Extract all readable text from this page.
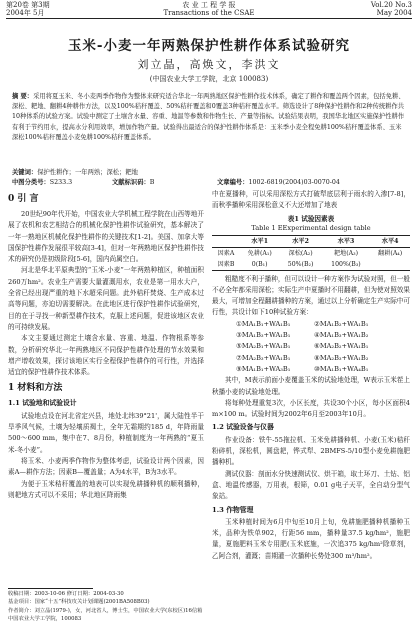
第20卷 第3期
2004年 5月
农 业 工 程 学 报
Transactions of the CSAE
Vol.20 No.3
May 2004
玉米-小麦一年两熟保护性耕作体系试验研究
刘立晶，高焕文，李洪文
(中国农业大学工学院，北京 100083)

摘 要：采用将夏玉米、冬小麦两季作物作为整体来研究适合华北一年两熟地区保护性耕作技术体系，确定了耕作和覆盖两个因素，包括免耕、深松、耙地、翻耕4种耕作方法，以及100%秸秆覆盖、50%秸秆覆盖和0覆盖3种秸秆覆盖水平。筛选设计了8种保护性耕作和2种传统耕作共10种体系的试验方案。试验中测定了土壤含水量、容重、地温等参数和作物生长、产量等指标。试验结果表明，我国华北地区实施保护性耕作有利于节约用水，提高水分利用效率，增加作物产量。试验得出最适合的保护性耕作体系是：玉米季小麦全程免耕100%秸秆覆盖体系、玉米深松100%秸秆覆盖小麦免耕100%秸秆覆盖体系。

关键词：保护性耕作；一年两熟；深松；耙地
中图分类号：S233.3	文献标识码：B	文章编号：1002-6819(2004)03-0070-04
0 引 言

20世纪90年代开始，中国农业大学机械工程学院在山西等地开展了农机和农艺相结合的机械化保护性耕作试验研究，基本解决了一年一熟地区机械化保护性耕作的关键技术[1-2]。美国、加拿大等国保护性耕作发展很平较高[3-4]，但对一年两熟地区保护性耕作技术的研究仍是初级阶段[5-6]，国内尚属空白。

河北是华北平原典型的“玉米-小麦”一年两熟种植区，种植面积260万hm²。农业生产需要大量灌溉用水，农业是第一用水大户，全省已经出现严重的地下水超采问题。此外秸秆焚烧、生产成本过高等问题，亦迫切需要解决。在此地区进行保护性耕作试验研究，目的在于寻找一种新型耕作技术，克服上述问题，促进该地区农业的可持续发展。

本文主要通过测定土壤含水量、容重、地温、作物根系等参数，分析研究华北一年两熟地区不同保护性耕作处理的节水效果和增产增收效果，探讨该地区实行全程保护性耕作的可行性，并选择适宜的保护性耕作技术体系。

1 材料和方法
1.1 试验地和试验设计

试验地点设在河北省定兴县，地处北纬39°21'，属大陆性半干旱季风气候，土壤为轻壤质褐土，全年无霜期约185 d，年降雨量500～600 mm，集中在7、8月份，种植制度为一年两熟的“夏玉米-冬小麦”。

将玉米、小麦两季作物作为整体考虑，试验设计两个因素，因素A—耕作方法；因素B—覆盖量；A为4水平，B为3水平。

为便于玉米秸秆覆盖的地表可以实现免耕播种机的顺利播种，则耙地方式可以不采用；华北地区降雨集

中在夏播种，可以采用深松方式打破犁底层利于雨水的入渗[7-8]，而秋季播种采用深松意义不大还增加了地表

表1 试验因素表
Table 1 EExperimental design table
	水平1	水平2	水平3	水平4
因素A	免耕(A₁)	深松(A₂)	耙地(A₃)	翻耕(A₄)
因素B	0(B₁)	50%(B₂)	100%(B₃)	

粗糙度不利于播种，但可以设计一种方案作为试验对照，但一般不必全年都采用深松；实际生产中夏播时不用翻耕，但为使对照效果最大，可增加全程翻耕播种的方案，通过以上分析确定生产实际中可行性，共设计如下10种试验方案：

①MA₁B₁+WA₁B₁	②MA₁B₂+WA₁B₁
③MA₁B₃+WA₁B₁	④MA₁B₃+WA₁B₂
⑤MA₂B₁+WA₁B₁	⑥MA₂B₂+WA₁B₁
⑦MA₂B₃+WA₁B₁	⑧MA₂B₃+WA₁B₂
⑨MA₁B₁+WA₃B₁	⑩MA₁B₁+WA₄B₁

其中，M表示前面小麦覆盖玉米的试验地处理，W表示玉米茬上秋播小麦的试验地处理。

将每种处理重复3次，小区长度，共设30个小区，每小区面积4 m×100 m。试验时间为2002年6月至2003年10月。

1.2 试验设备与仪器

作业设备：铁牛-55拖拉机、玉米免耕播种机、小麦(玉米)秸秆粉碎机，深松机，圆盘耙，铧式犁、2BMFS-5/10型小麦免耕施肥播种机。

测试仪器：剖面水分快速测试仪、烘干箱，取土环刀、土钻、铝盒、地温传感器，万用表，根筛，0.01 g电子天平，全自动分型气象站。

1.3 作物管理

玉米种植时间为6月中旬至10月上旬，免耕施肥播种机播种玉米，品种为铁单902，行距56 mm，播种量37.5 kg/hm²，施肥量，夏施肥料玉米专用肥(玉米底施，一次追375 kg/hm²除草剂，乙阿合剂，灌溉；苗期灌一次播种长势处300 m³/hm²。

收稿日期：2003-10-06 修订日期：2004-03-30
基金项目：国家“十五”科技攻关计划课题(2001BA508B03)
作者简介：刘立晶(1979-)，女，河北省人，博士生，中国农业大学(东校区)16信箱
中国农业大学工学院，100083
